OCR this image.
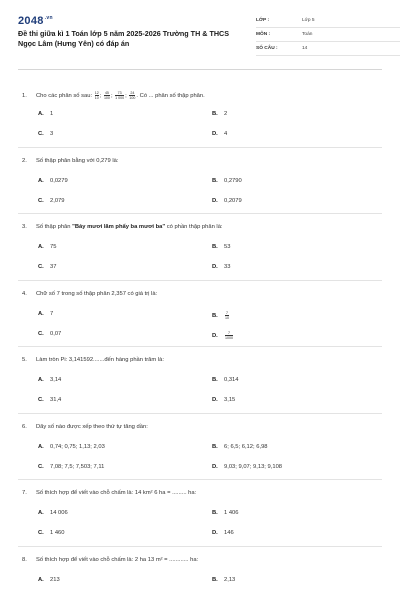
$2048^{.vn}$
Đề thi giữa kì 1 Toán lớp 5 năm 2025-2026 Trường TH & THCS Ngọc Lâm (Hưng Yên) có đáp án
LỚP :	Lớp 5
MÔN :	Toán
SỐ CÂU :	14
1. Cho các phân số sau: $\frac{12}{10}$ ; $\frac{45}{100}$ ; $\frac{73}{1 000}$ ; $\frac{24}{100}$ . Có ... phân số thập phân.
A. 1	B. 2
C. 3	D. 4
2. Số thập phân bằng với 0,279 là:
A. 0,0279	B. 0,2790
C. 2,079	D. 0,2079
3. Số thập phân "Bảy mươi lăm phẩy ba mươi ba" có phần thập phân là:
A. 75	B. 53
C. 37	D. 33
4. Chữ số 7 trong số thập phân 2,357 có giá trị là:
A. 7	B. $\frac{7}{10}$
C. 0,07	D. $\frac{7}{1000}$
5. Làm tròn Pi: 3,141592.......đến hàng phần trăm là:
A. 3,14	B. 0,314
C. 31,4	D. 3,15
6. Dãy số nào được xếp theo thứ tự tăng dần:
A. 0,74; 0,75; 1,13; 2,03	B. 6; 6,5; 6,12; 6,98
C. 7,08; 7,5; 7,503; 7,11	D. 9,03; 9,07; 9,13; 9,108
7. Số thích hợp để viết vào chỗ chấm là: 14 km² 6 ha = ......... ha:
A. 14 006	B. 1 406
C. 1 460	D. 146
8. Số thích hợp để viết vào chỗ chấm là: 2 ha 13 m² = ............ ha:
A. 213	B. 2,13
